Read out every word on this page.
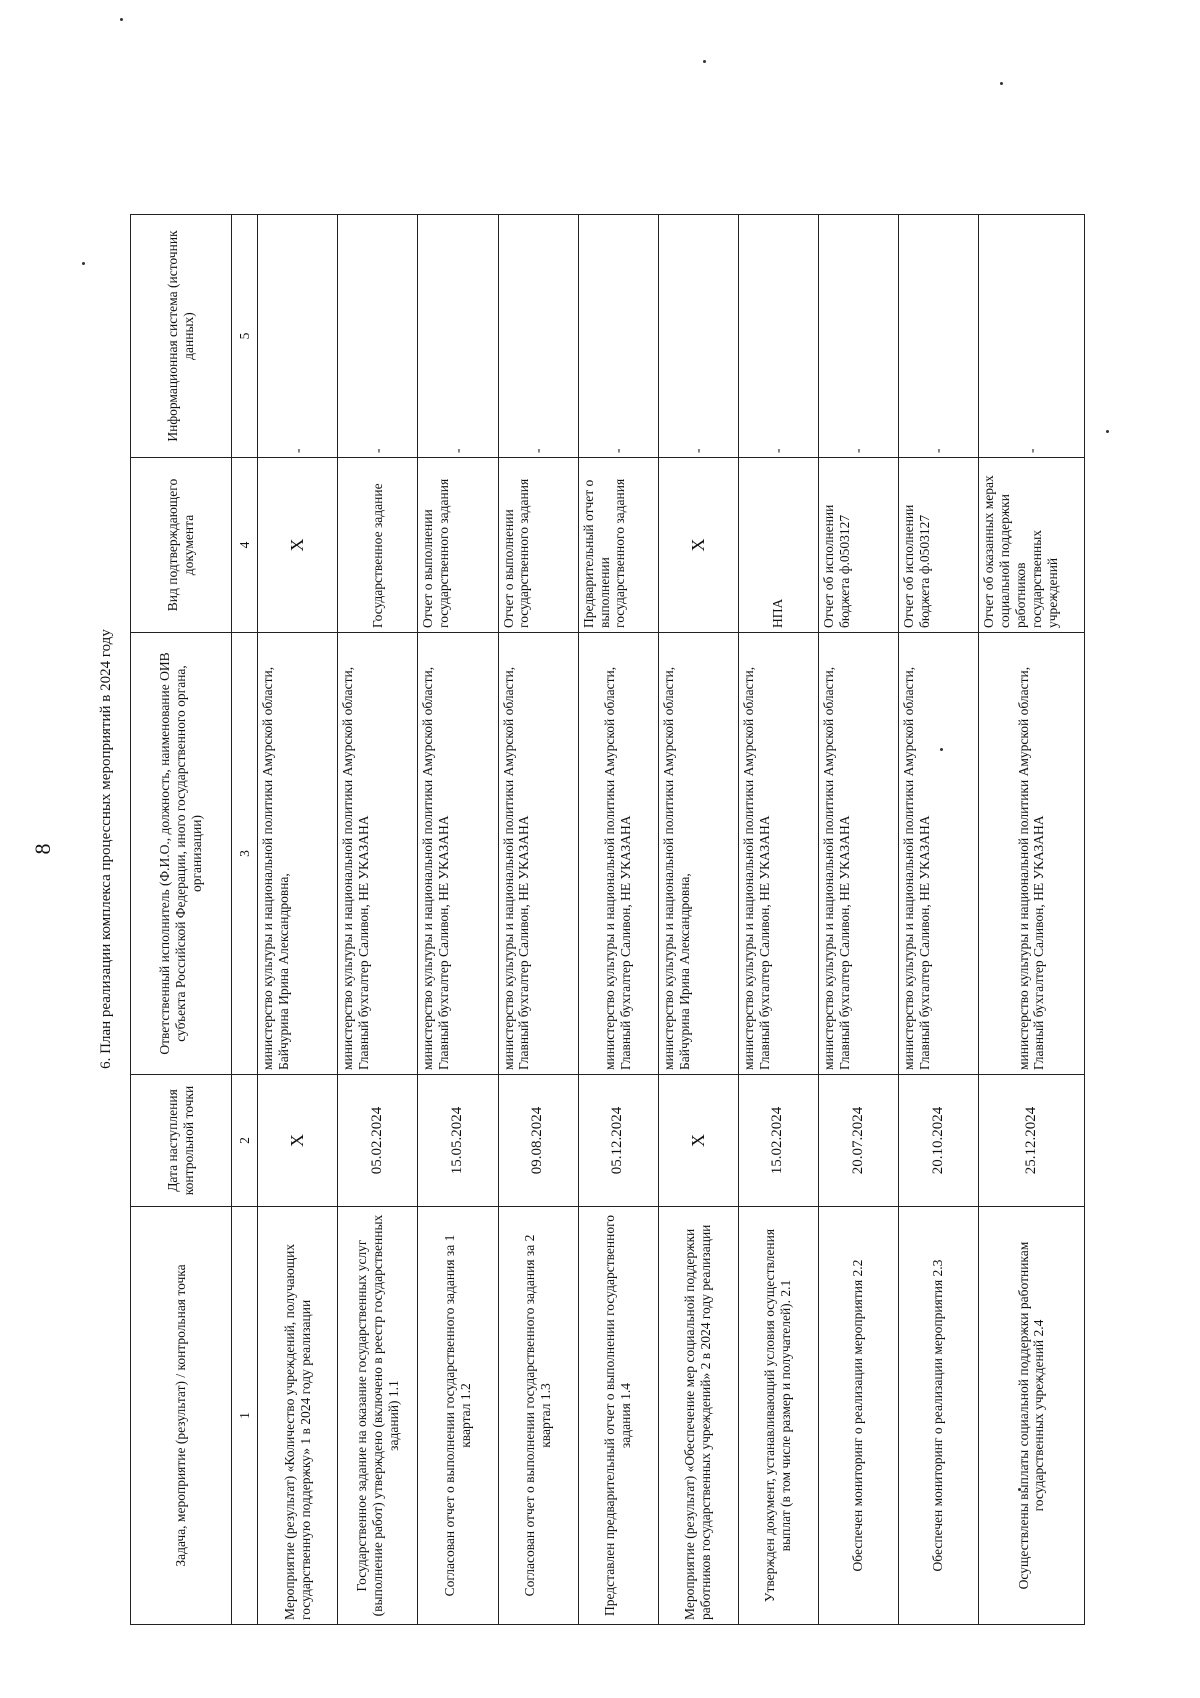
8	6. План реализации комплекса процессных мероприятий в 2024 году
Задача, мероприятие (результат) / контрольная точка	Дата наступления контрольной точки	Ответственный исполнитель (Ф.И.О., должность, наименование ОИВ субъекта Российской Федерации, иного государственного органа, организации)	Вид подтверждающего документа	Информационная система (источник данных)
1	2	3	4	5
Мероприятие (результат) «Количество учреждений, получающих государственную поддержку» 1 в 2024 году реализации	Х	министерство культуры и национальной политики Амурской области, Байчурина Ирина Александровна,	Х	-
Государственное задание на оказание государственных услуг (выполнение работ) утверждено (включено в реестр государственных заданий) 1.1	05.02.2024	министерство культуры и национальной политики Амурской области, Главный бухгалтер Саливон, НЕ УКАЗАНА	Государственное задание	-
Согласован отчет о выполнении государственного задания за 1 квартал 1.2	15.05.2024	министерство культуры и национальной политики Амурской области, Главный бухгалтер Саливон, НЕ УКАЗАНА	Отчет о выполнении государственного задания	-
Согласован отчет о выполнении государственного задания за 2 квартал 1.3	09.08.2024	министерство культуры и национальной политики Амурской области, Главный бухгалтер Саливон, НЕ УКАЗАНА	Отчет о выполнении государственного задания	-
Представлен предварительный отчет о выполнении государственного задания 1.4	05.12.2024	министерство культуры и национальной политики Амурской области, Главный бухгалтер Саливон, НЕ УКАЗАНА	Предварительный отчет о выполнении государственного задания	-
Мероприятие (результат) «Обеспечение мер социальной поддержки работников государственных учреждений» 2 в 2024 году реализации	Х	министерство культуры и национальной политики Амурской области, Байчурина Ирина Александровна,	Х	-
Утвержден документ, устанавливающий условия осуществления выплат (в том числе размер и получателей). 2.1	15.02.2024	министерство культуры и национальной политики Амурской области, Главный бухгалтер Саливон, НЕ УКАЗАНА	НПА	-
Обеспечен мониторинг о реализации мероприятия 2.2	20.07.2024	министерство культуры и национальной политики Амурской области, Главный бухгалтер Саливон, НЕ УКАЗАНА	Отчет об исполнении бюджета ф.0503127	-
Обеспечен мониторинг о реализации мероприятия 2.3	20.10.2024	министерство культуры и национальной политики Амурской области, Главный бухгалтер Саливон, НЕ УКАЗАНА	Отчет об исполнении бюджета ф.0503127	-
Осуществлены выплаты социальной поддержки работникам государственных учреждений 2.4	25.12.2024	министерство культуры и национальной политики Амурской области, Главный бухгалтер Саливон, НЕ УКАЗАНА	Отчет об оказанных мерах социальной поддержки работников государственных учреждений	-
